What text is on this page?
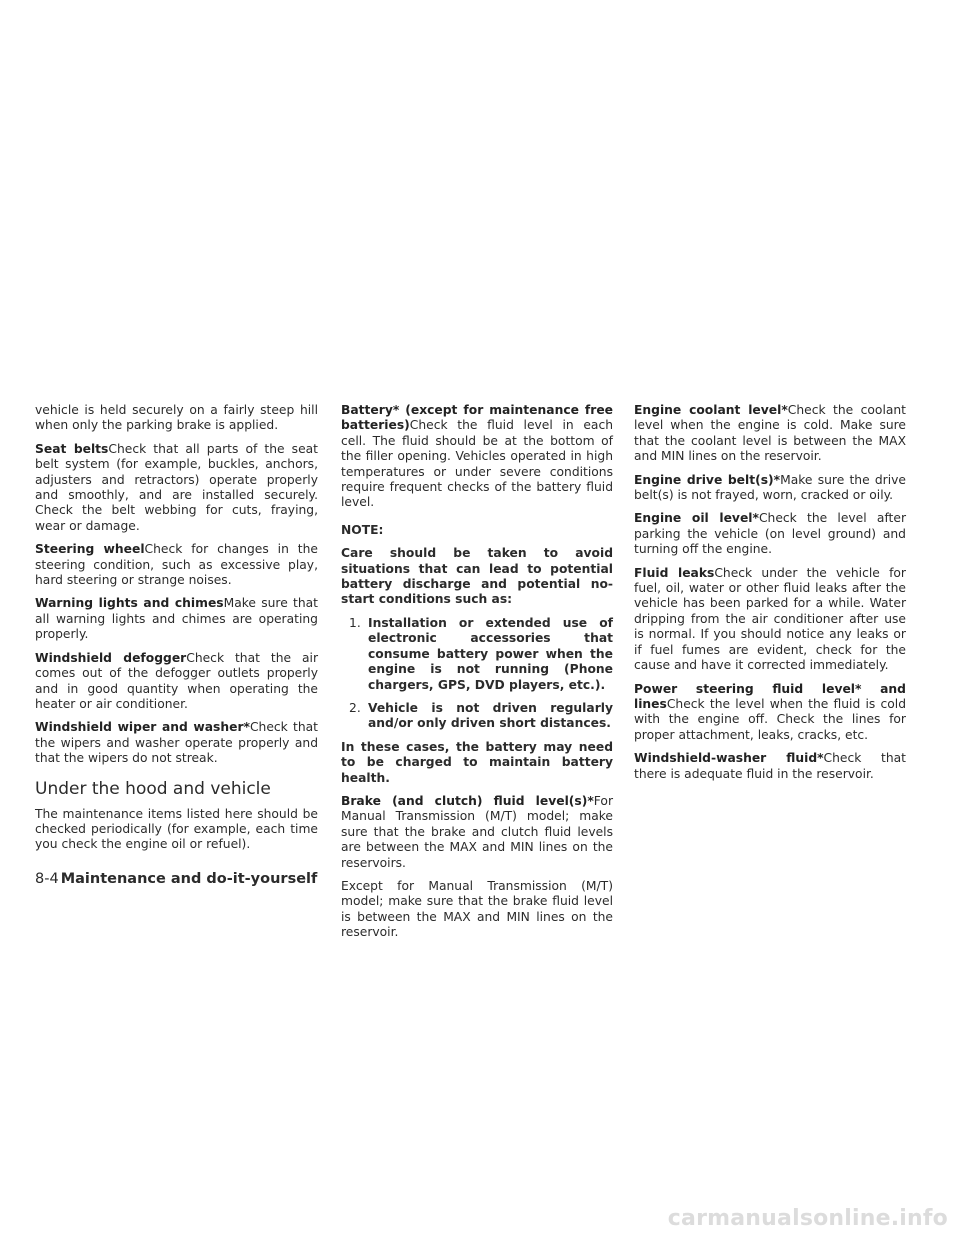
vehicle is held securely on a fairly steep hill when only the parking brake is applied.

Seat beltsCheck that all parts of the seat belt system (for example, buckles, anchors, adjusters and retractors) operate properly and smoothly, and are installed securely. Check the belt webbing for cuts, fraying, wear or damage.

Steering wheelCheck for changes in the steering condition, such as excessive play, hard steering or strange noises.

Warning lights and chimesMake sure that all warning lights and chimes are operating properly.

Windshield defoggerCheck that the air comes out of the defogger outlets properly and in good quantity when operating the heater or air conditioner.

Windshield wiper and washer*Check that the wipers and washer operate properly and that the wipers do not streak.

Under the hood and vehicle

The maintenance items listed here should be checked periodically (for example, each time you check the engine oil or refuel).

Battery* (except for maintenance free batteries)Check the fluid level in each cell. The fluid should be at the bottom of the filler opening. Vehicles operated in high temperatures or under severe conditions require frequent checks of the battery fluid level.

NOTE:

Care should be taken to avoid situations that can lead to potential battery discharge and potential no-start conditions such as:

1. Installation or extended use of electronic accessories that consume battery power when the engine is not running (Phone chargers, GPS, DVD players, etc.).
2. Vehicle is not driven regularly and/or only driven short distances.

In these cases, the battery may need to be charged to maintain battery health.

Brake (and clutch) fluid level(s)*For Manual Transmission (M/T) model; make sure that the brake and clutch fluid levels are between the MAX and MIN lines on the reservoirs.

Except for Manual Transmission (M/T) model; make sure that the brake fluid level is between the MAX and MIN lines on the reservoir.

Engine coolant level*Check the coolant level when the engine is cold. Make sure that the coolant level is between the MAX and MIN lines on the reservoir.

Engine drive belt(s)*Make sure the drive belt(s) is not frayed, worn, cracked or oily.

Engine oil level*Check the level after parking the vehicle (on level ground) and turning off the engine.

Fluid leaksCheck under the vehicle for fuel, oil, water or other fluid leaks after the vehicle has been parked for a while. Water dripping from the air conditioner after use is normal. If you should notice any leaks or if fuel fumes are evident, check for the cause and have it corrected immediately.

Power steering fluid level* and linesCheck the level when the fluid is cold with the engine off. Check the lines for proper attachment, leaks, cracks, etc.

Windshield-washer fluid*Check that there is adequate fluid in the reservoir.

8-4 Maintenance and do-it-yourself
carmanualsonline.info
